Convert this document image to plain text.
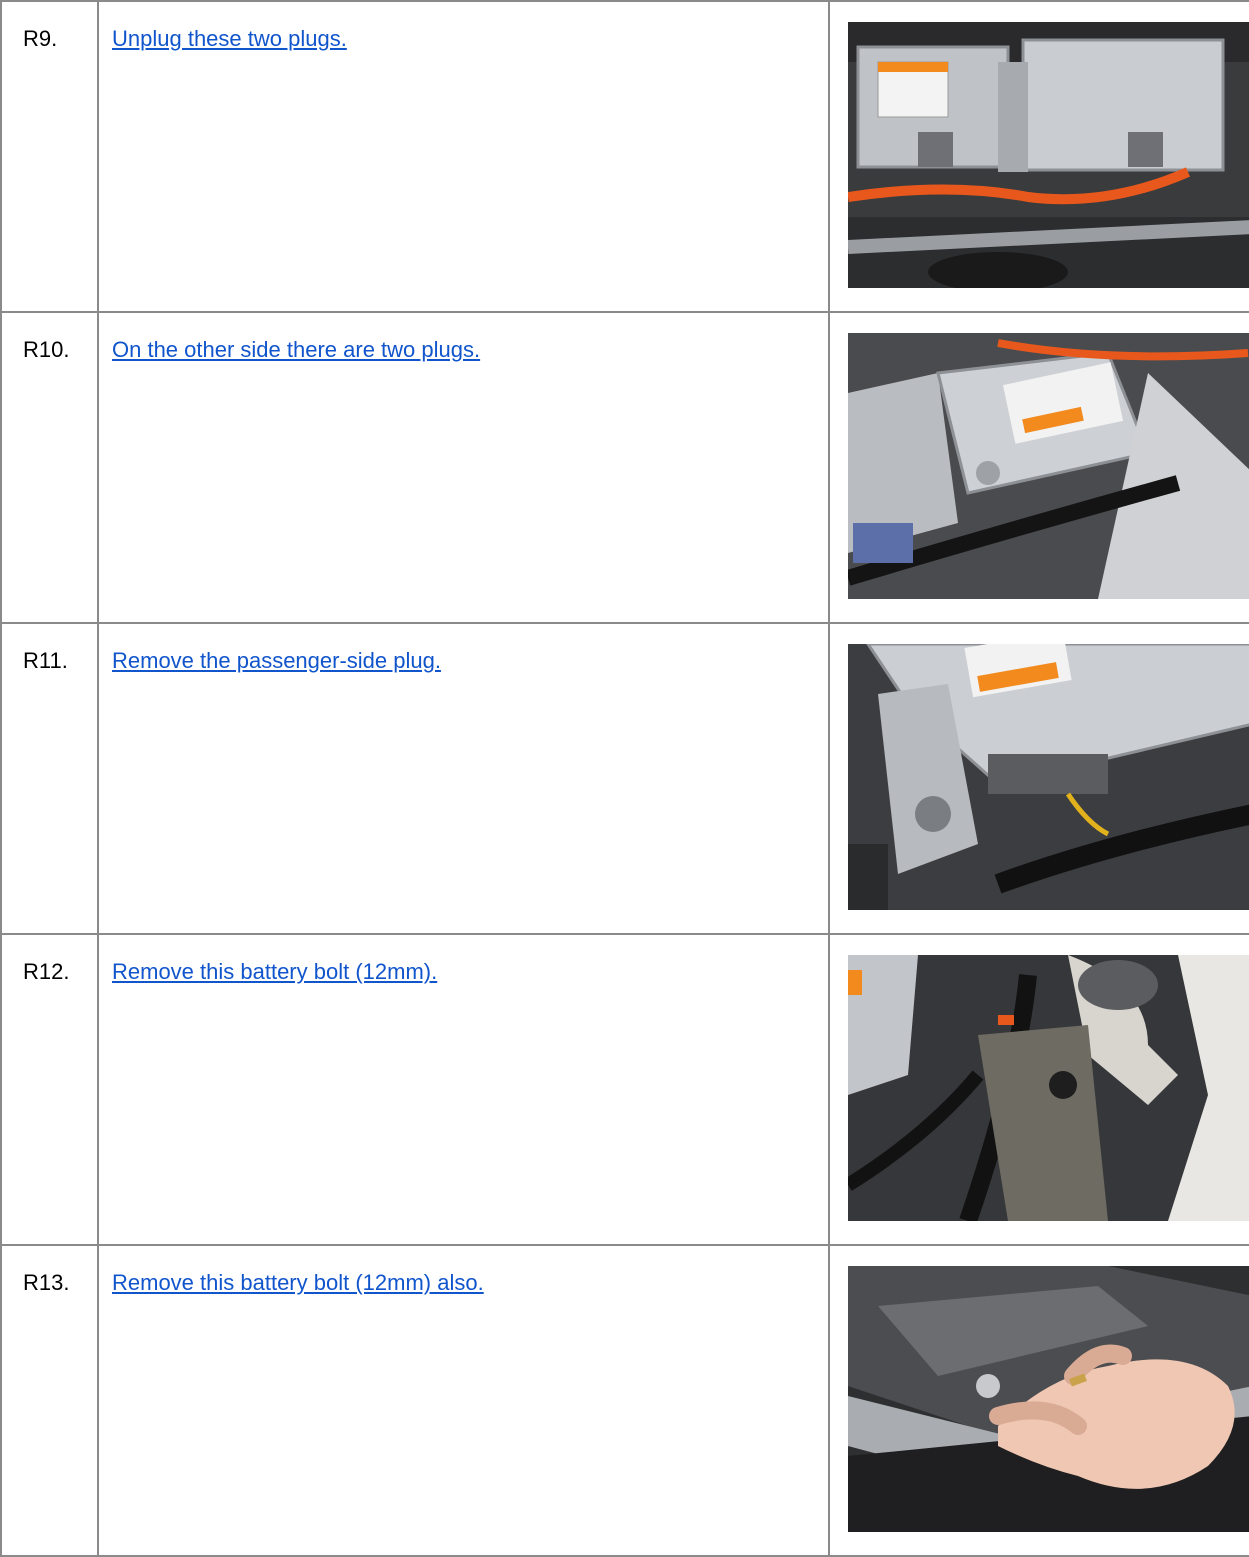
R9.	Unplug these two plugs.	

R10.	On the other side there are two plugs.	

R11.	Remove the passenger-side plug.	

R12.	Remove this battery bolt (12mm).	

R13.	Remove this battery bolt (12mm) also.	
